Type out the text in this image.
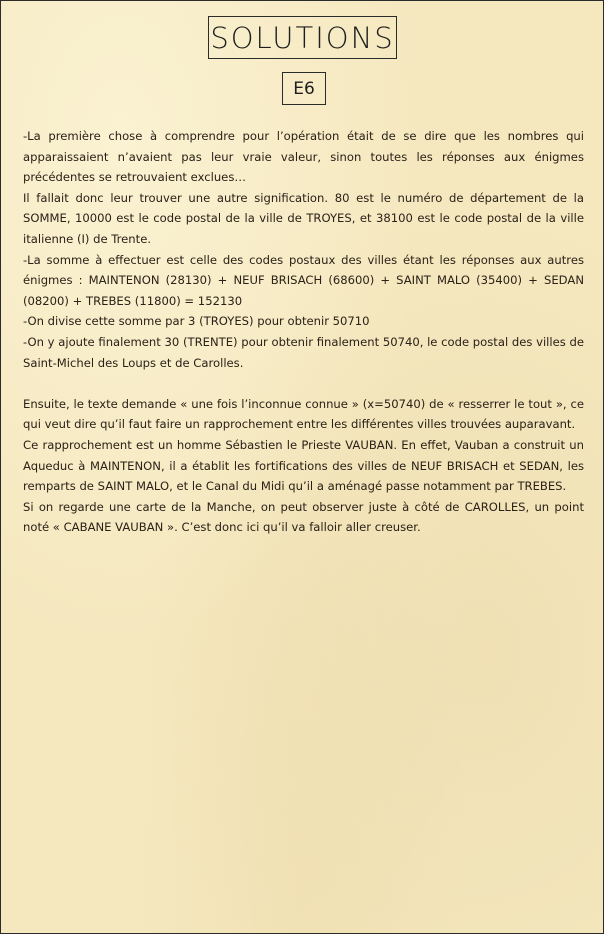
SOLUTIONS
E6

-La première chose à comprendre pour l’opération était de se dire que les nombres qui apparaissaient n’avaient pas leur vraie valeur, sinon toutes les réponses aux énigmes précédentes se retrouvaient exclues…

Il fallait donc leur trouver une autre signification. 80 est le numéro de département de la SOMME, 10000 est le code postal de la ville de TROYES, et 38100 est le code postal de la ville italienne (I) de Trente.

-La somme à effectuer est celle des codes postaux des villes étant les réponses aux autres énigmes : MAINTENON (28130) + NEUF BRISACH (68600) + SAINT MALO (35400) + SEDAN (08200) + TREBES (11800) = 152130

-On divise cette somme par 3 (TROYES) pour obtenir 50710

-On y ajoute finalement 30 (TRENTE) pour obtenir finalement 50740, le code postal des villes de Saint-Michel des Loups et de Carolles.

Ensuite, le texte demande « une fois l’inconnue connue » (x=50740) de « resserrer le tout », ce qui veut dire qu’il faut faire un rapprochement entre les différentes villes trouvées auparavant.

Ce rapprochement est un homme Sébastien le Prieste VAUBAN. En effet, Vauban a construit un Aqueduc à MAINTENON, il a établit les fortifications des villes de NEUF BRISACH et SEDAN, les remparts de SAINT MALO, et le Canal du Midi qu’il a aménagé passe notamment par TREBES.

Si on regarde une carte de la Manche, on peut observer juste à côté de CAROLLES, un point noté « CABANE VAUBAN ». C’est donc ici qu’il va falloir aller creuser.
